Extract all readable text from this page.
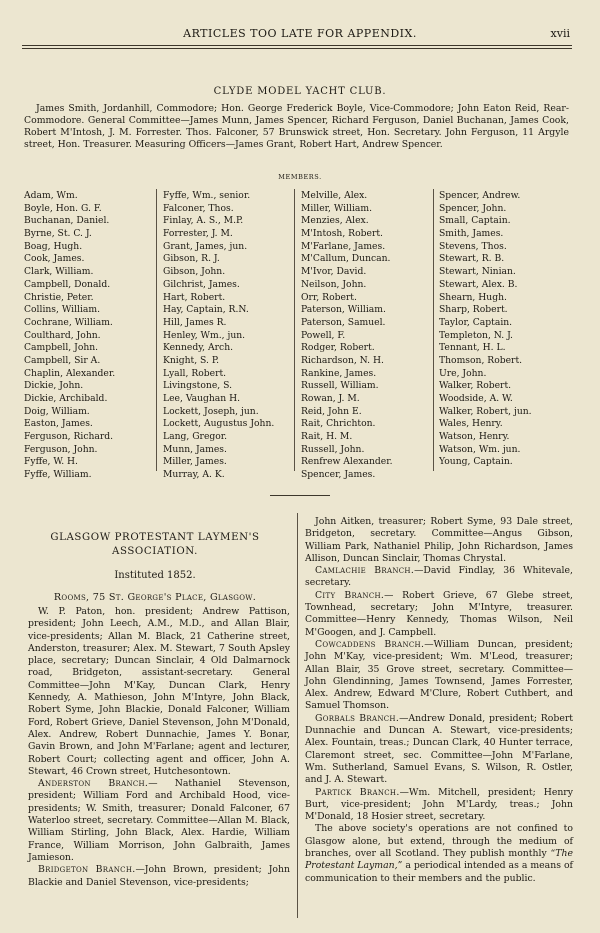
ARTICLES TOO LATE FOR APPENDIX.	xvii
CLYDE MODEL YACHT CLUB.
James Smith, Jordanhill, Commodore; Hon. George Frederick Boyle, Vice-Commodore; John Eaton Reid, Rear-Commodore. General Committee—James Munn, James Spencer, Richard Ferguson, Daniel Buchanan, James Cook, Robert M'Intosh, J. M. Forrester. Thos. Falconer, 57 Brunswick street, Hon. Secretary. John Ferguson, 11 Argyle street, Hon. Treasurer. Measuring Officers—James Grant, Robert Hart, Andrew Spencer.
MEMBERS.
Adam, Wm.
Boyle, Hon. G. F.
Buchanan, Daniel.
Byrne, St. C. J.
Boag, Hugh.
Cook, James.
Clark, William.
Campbell, Donald.
Christie, Peter.
Collins, William.
Cochrane, William.
Coulthard, John.
Campbell, John.
Campbell, Sir A.
Chaplin, Alexander.
Dickie, John.
Dickie, Archibald.
Doig, William.
Easton, James.
Ferguson, Richard.
Ferguson, John.
Fyffe, W. H.
Fyffe, William.
Fyffe, Wm., senior.
Falconer, Thos.
Finlay, A. S., M.P.
Forrester, J. M.
Grant, James, jun.
Gibson, R. J.
Gibson, John.
Gilchrist, James.
Hart, Robert.
Hay, Captain, R.N.
Hill, James R.
Henley, Wm., jun.
Kennedy, Arch.
Knight, S. P.
Lyall, Robert.
Livingstone, S.
Lee, Vaughan H.
Lockett, Joseph, jun.
Lockett, Augustus John.
Lang, Gregor.
Munn, James.
Miller, James.
Murray, A. K.
Melville, Alex.
Miller, William.
Menzies, Alex.
M'Intosh, Robert.
M'Farlane, James.
M'Callum, Duncan.
M'Ivor, David.
Neilson, John.
Orr, Robert.
Paterson, William.
Paterson, Samuel.
Powell, F.
Rodger, Robert.
Richardson, N. H.
Rankine, James.
Russell, William.
Rowan, J. M.
Reid, John E.
Rait, Chrichton.
Rait, H. M.
Russell, John.
Renfrew Alexander.
Spencer, James.
Spencer, Andrew.
Spencer, John.
Small, Captain.
Smith, James.
Stevens, Thos.
Stewart, R. B.
Stewart, Ninian.
Stewart, Alex. B.
Shearn, Hugh.
Sharp, Robert.
Taylor, Captain.
Templeton, N. J.
Tennant, H. L.
Thomson, Robert.
Ure, John.
Walker, Robert.
Woodside, A. W.
Walker, Robert, jun.
Wales, Henry.
Watson, Henry.
Watson, Wm. jun.
Young, Captain.
GLASGOW PROTESTANT LAYMEN'S ASSOCIATION.
Instituted 1852.
Rooms, 75 St. George's Place, Glasgow.

W. P. Paton, hon. president; Andrew Pattison, president; John Leech, A.M., M.D., and Allan Blair, vice-presidents; Allan M. Black, 21 Catherine street, Anderston, treasurer; Alex. M. Stewart, 7 South Apsley place, secretary; Duncan Sinclair, 4 Old Dalmarnock road, Bridgeton, assistant-secretary. General Committee—John M'Kay, Duncan Clark, Henry Kennedy, A. Mathieson, John M'Intyre, John Black, Robert Syme, John Blackie, Donald Falconer, William Ford, Robert Grieve, Daniel Stevenson, John M'Donald, Alex. Andrew, Robert Dunnachie, James Y. Bonar, Gavin Brown, and John M'Farlane; agent and lecturer, Robert Court; collecting agent and officer, John A. Stewart, 46 Crown street, Hutchesontown.

Anderston Branch.— Nathaniel Stevenson, president; William Ford and Archibald Hood, vice-presidents; W. Smith, treasurer; Donald Falconer, 67 Waterloo street, secretary. Committee—Allan M. Black, William Stirling, John Black, Alex. Hardie, William France, William Morrison, John Galbraith, James Jamieson.

Bridgeton Branch.—John Brown, president; John Blackie and Daniel Stevenson, vice-presidents;

John Aitken, treasurer; Robert Syme, 93 Dale street, Bridgeton, secretary. Committee—Angus Gibson, William Park, Nathaniel Philip, John Richardson, James Allison, Duncan Sinclair, Thomas Chrystal.

Camlachie Branch.—David Findlay, 36 Whitevale, secretary.

City Branch.— Robert Grieve, 67 Glebe street, Townhead, secretary; John M'Intyre, treasurer. Committee—Henry Kennedy, Thomas Wilson, Neil M'Googen, and J. Campbell.

Cowcaddens Branch.—William Duncan, president; John M'Kay, vice-president; Wm. M'Leod, treasurer; Allan Blair, 35 Grove street, secretary. Committee— John Glendinning, James Townsend, James Forrester, Alex. Andrew, Edward M'Clure, Robert Cuthbert, and Samuel Thomson.

Gorbals Branch.—Andrew Donald, president; Robert Dunnachie and Duncan A. Stewart, vice-presidents; Alex. Fountain, treas.; Duncan Clark, 40 Hunter terrace, Claremont street, sec. Committee—John M'Farlane, Wm. Sutherland, Samuel Evans, S. Wilson, R. Ostler, and J. A. Stewart.

Partick Branch.—Wm. Mitchell, president; Henry Burt, vice-president; John M'Lardy, treas.; John M'Donald, 18 Hosier street, secretary.

The above society's operations are not confined to Glasgow alone, but extend, through the medium of branches, over all Scotland. They publish monthly “The Protestant Layman,” a periodical intended as a means of communication to their members and the public.
